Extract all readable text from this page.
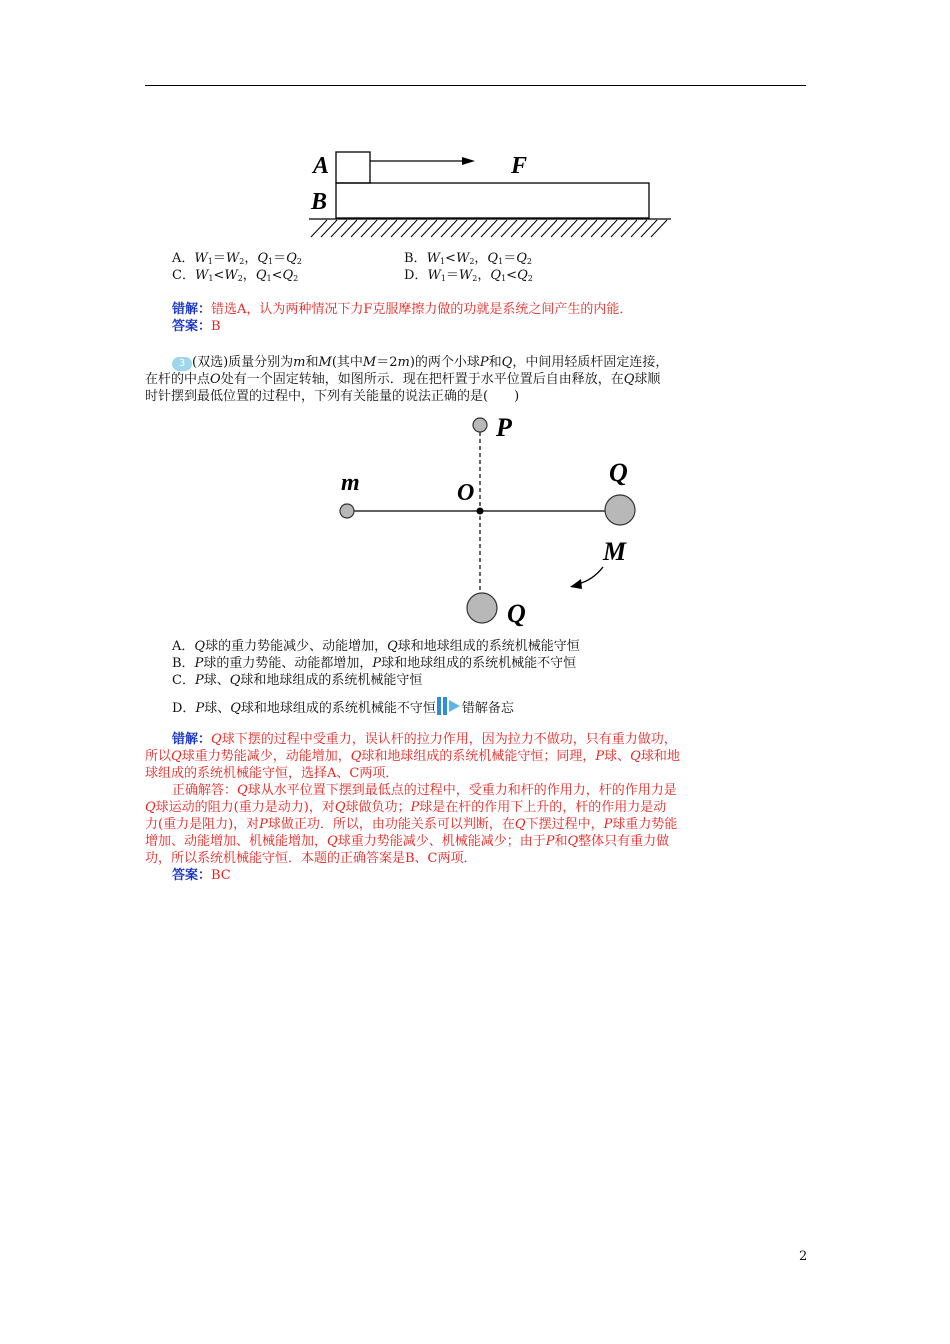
A	F
B
A．$W_1=W_2$，$Q_1=Q_2$	B．$W_1<W_2$，$Q_1=Q_2$
C．$W_1<W_2$，$Q_1<Q_2$	D．$W_1=W_2$，$Q_1<Q_2$
错解：错选A，认为两种情况下力F克服摩擦力做的功就是系统之间产生的内能．
答案：B
3 (双选)质量分别为m和M(其中M＝2m)的两个小球P和Q，中间用轻质杆固定连接，
在杆的中点O处有一个固定转轴，如图所示．现在把杆置于水平位置后自由释放，在Q球顺
时针摆到最低位置的过程中，下列有关能量的说法正确的是(　　)
P
m	O
Q
M
Q
A．Q球的重力势能减少、动能增加，Q球和地球组成的系统机械能守恒
B．P球的重力势能、动能都增加，P球和地球组成的系统机械能不守恒
C．P球、Q球和地球组成的系统机械能守恒
D．P球、Q球和地球组成的系统机械能不守恒 错解备忘
错解：Q球下摆的过程中受重力，误认杆的拉力作用，因为拉力不做功，只有重力做功，
所以Q球重力势能减少，动能增加，Q球和地球组成的系统机械能守恒；同理，P球、Q球和地
球组成的系统机械能守恒，选择A、C两项．
正确解答：Q球从水平位置下摆到最低点的过程中，受重力和杆的作用力，杆的作用力是
Q球运动的阻力(重力是动力)，对Q球做负功；P球是在杆的作用下上升的，杆的作用力是动
力(重力是阻力)，对P球做正功．所以，由功能关系可以判断，在Q下摆过程中，P球重力势能
增加、动能增加、机械能增加，Q球重力势能减少、机械能减少；由于P和Q整体只有重力做
功，所以系统机械能守恒．本题的正确答案是B、C两项．
答案：BC
2
